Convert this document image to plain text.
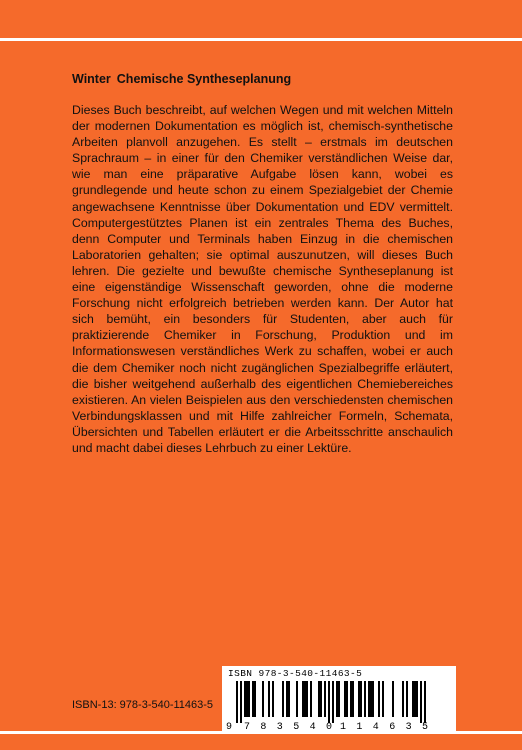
Winter Chemische Syntheseplanung

Dieses Buch beschreibt, auf welchen Wegen und mit welchen Mitteln der modernen Dokumentation es möglich ist, chemisch-synthetische Arbeiten planvoll anzugehen. Es stellt – erstmals im deutschen Sprachraum – in einer für den Chemiker verständlichen Weise dar, wie man eine präparative Aufgabe lösen kann, wobei es grundlegende und heute schon zu einem Spezialgebiet der Chemie angewachsene Kenntnisse über Dokumentation und EDV vermittelt. Computergestütztes Planen ist ein zentrales Thema des Buches, denn Computer und Terminals haben Einzug in die chemischen Laboratorien gehalten; sie optimal auszunutzen, will dieses Buch lehren. Die gezielte und bewußte chemische Syntheseplanung ist eine eigenständige Wissenschaft geworden, ohne die moderne Forschung nicht erfolgreich betrieben werden kann. Der Autor hat sich bemüht, ein besonders für Studenten, aber auch für praktizierende Chemiker in Forschung, Produktion und im Informationswesen verständliches Werk zu schaffen, wobei er auch die dem Chemiker noch nicht zugänglichen Spezialbegriffe erläutert, die bisher weitgehend außerhalb des eigentlichen Chemiebereiches existieren. An vielen Beispielen aus den verschiedensten chemischen Verbindungsklassen und mit Hilfe zahlreicher Formeln, Schemata, Übersichten und Tabellen erläutert er die Arbeitsschritte anschaulich und macht dabei dieses Lehrbuch zu einer Lektüre.

ISBN-13: 978-3-540-11463-5
ISBN 978-3-540-11463-5
9 783540 114635
